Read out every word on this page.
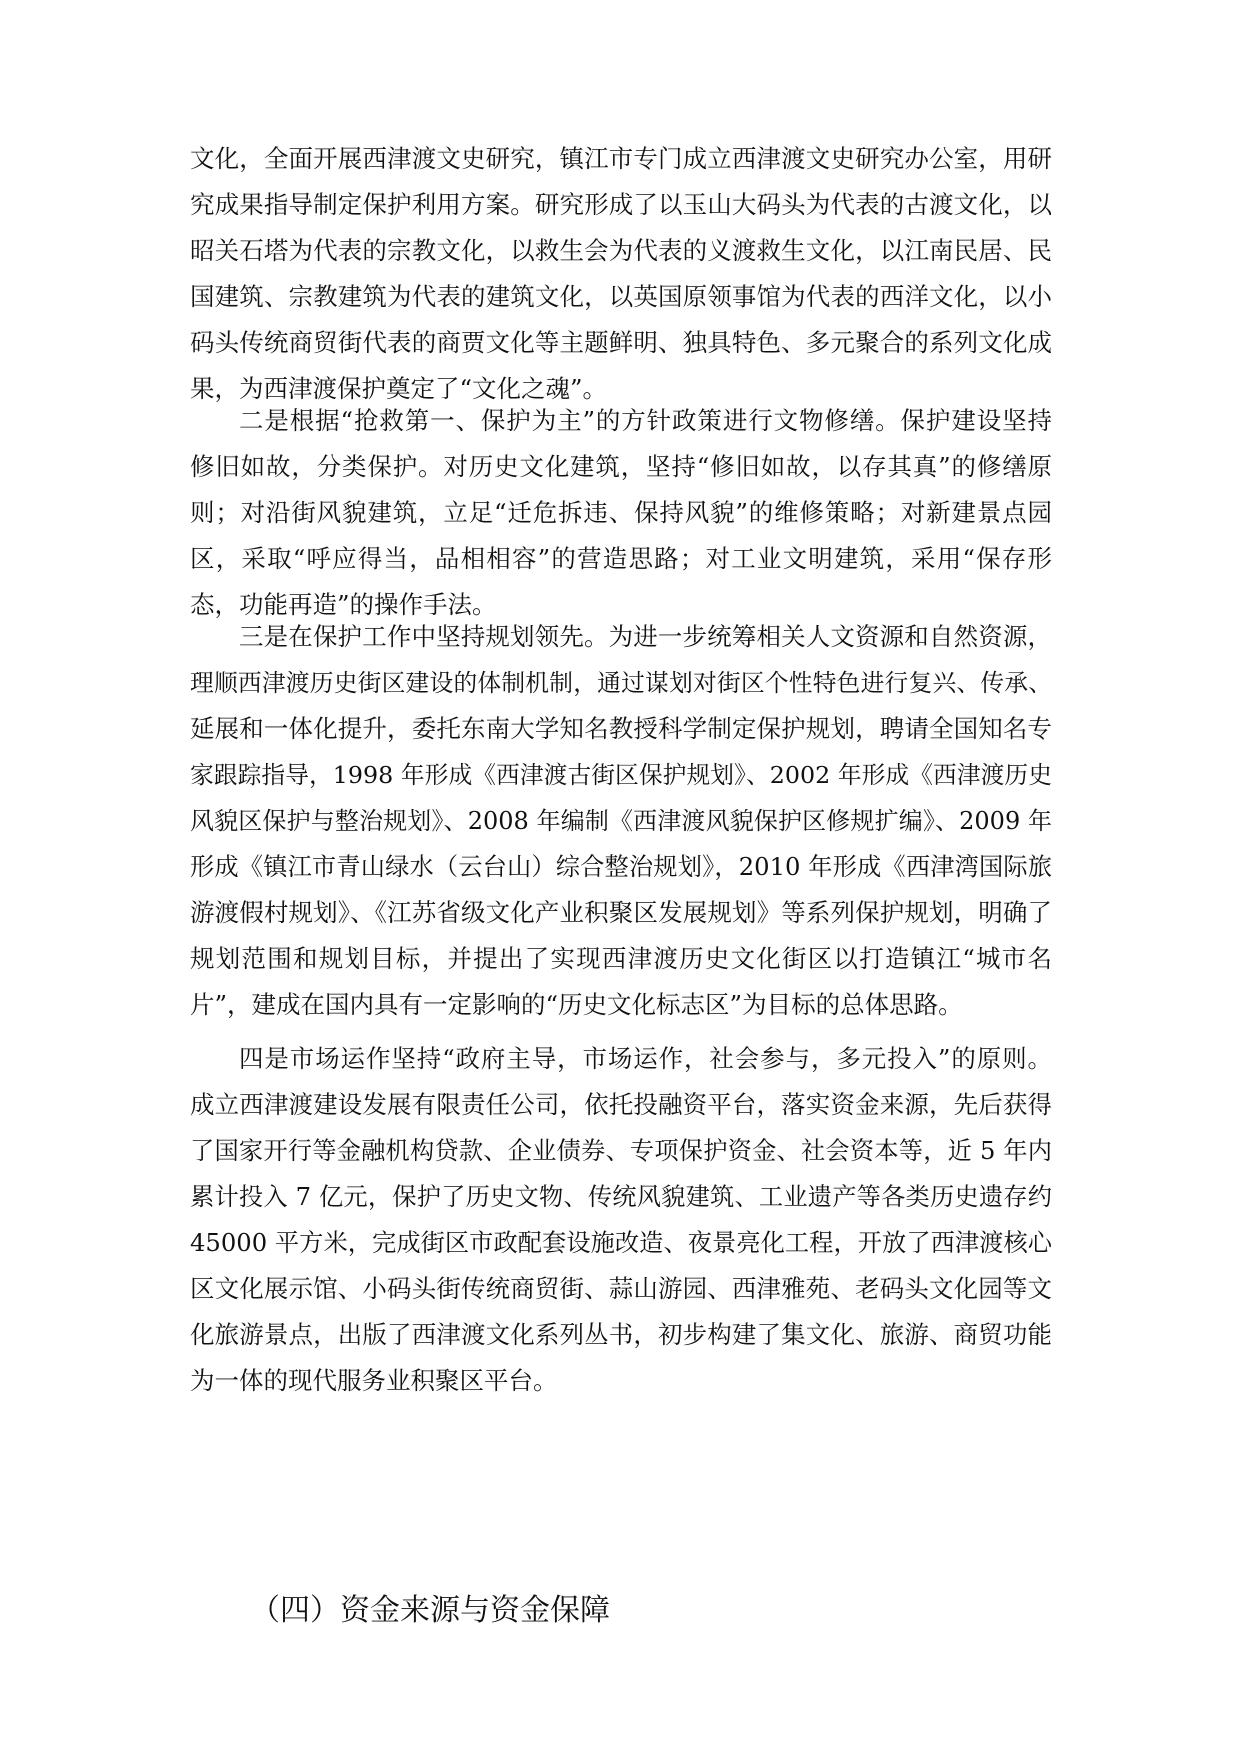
文化，全面开展西津渡文史研究，镇江市专门成立西津渡文史研究办公室，用研
究成果指导制定保护利用方案。研究形成了以玉山大码头为代表的古渡文化，以
昭关石塔为代表的宗教文化，以救生会为代表的义渡救生文化，以江南民居、民
国建筑、宗教建筑为代表的建筑文化，以英国原领事馆为代表的西洋文化，以小
码头传统商贸街代表的商贾文化等主题鲜明、独具特色、多元聚合的系列文化成
果，为西津渡保护奠定了“文化之魂”。
二是根据“抢救第一、保护为主”的方针政策进行文物修缮。保护建设坚持
修旧如故，分类保护。对历史文化建筑，坚持“修旧如故，以存其真”的修缮原
则；对沿街风貌建筑，立足“迁危拆违、保持风貌”的维修策略；对新建景点园
区，采取“呼应得当，品相相容”的营造思路；对工业文明建筑，采用“保存形
态，功能再造”的操作手法。
三是在保护工作中坚持规划领先。为进一步统筹相关人文资源和自然资源，
理顺西津渡历史街区建设的体制机制，通过谋划对街区个性特色进行复兴、传承、
延展和一体化提升，委托东南大学知名教授科学制定保护规划，聘请全国知名专
家跟踪指导，1998 年形成《西津渡古街区保护规划》、2002 年形成《西津渡历史
风貌区保护与整治规划》、2008 年编制《西津渡风貌保护区修规扩编》、2009 年
形成《镇江市青山绿水（云台山）综合整治规划》，2010 年形成《西津湾国际旅
游渡假村规划》、《江苏省级文化产业积聚区发展规划》等系列保护规划，明确了
规划范围和规划目标，并提出了实现西津渡历史文化街区以打造镇江“城市名
片”，建成在国内具有一定影响的“历史文化标志区”为目标的总体思路。
四是市场运作坚持“政府主导，市场运作，社会参与，多元投入”的原则。
成立西津渡建设发展有限责任公司，依托投融资平台，落实资金来源，先后获得
了国家开行等金融机构贷款、企业债券、专项保护资金、社会资本等，近 5 年内
累计投入 7 亿元，保护了历史文物、传统风貌建筑、工业遗产等各类历史遗存约
45000 平方米，完成街区市政配套设施改造、夜景亮化工程，开放了西津渡核心
区文化展示馆、小码头街传统商贸街、蒜山游园、西津雅苑、老码头文化园等文
化旅游景点，出版了西津渡文化系列丛书，初步构建了集文化、旅游、商贸功能
为一体的现代服务业积聚区平台。
（四）资金来源与资金保障
